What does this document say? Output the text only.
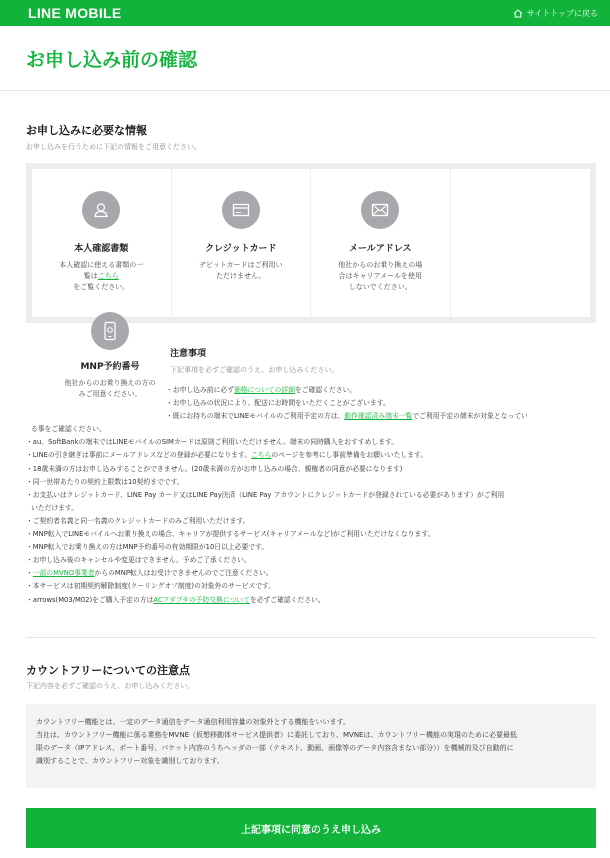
LINE MOBILE	サイトトップに戻る
お申し込み前の確認
お申し込みに必要な情報
お申し込みを行うために下記の情報をご用意ください。
本人確認書類
本人確認に使える書類の一覧はこちら
をご覧ください。
クレジットカード
デビットカードはご利用いただけません。
メールアドレス
他社からのお乗り換えの場合はキャリアメールを使用しないでください。
MNP予約番号
他社からのお乗り換えの方のみご用意ください。
注意事項
下記事項を必ずご確認のうえ、お申し込みください。
・お申し込み前に必ず価格についての詳細をご確認ください。
・お申し込みの状況により、配送にお時間をいただくことがございます。
・既にお持ちの端末でLINEモバイルのご利用予定の方は、動作確認済み端末一覧でご利用予定の端末が対象となってい
る事をご確認ください。
・au、SoftBankの端末ではLINEモバイルのSIMカードは原則ご利用いただけません。端末の同時購入をおすすめします。
・LINEの引き継ぎは事前にメールアドレスなどの登録が必要になります。こちらのページを参考にし事前準備をお願いいたします。
・18歳未満の方はお申し込みすることができません。(20歳未満の方がお申し込みの場合、親権者の同意が必要になります)
・同一世帯あたりの契約上限数は10契約までです。
・お支払いはクレジットカード、LINE Pay カード又はLINE Pay決済（LINE Pay アカウントにクレジットカードが登録されている必要があります）がご利用
いただけます。
・ご契約者名義と同一名義のクレジットカードのみご利用いただけます。
・MNP転入でLINEモバイルへお乗り換えの場合、キャリアが提供するサービス(キャリアメールなど)がご利用いただけなくなります。
・MNP転入でお乗り換えの方はMNP予約番号の有効期限が10日以上必要です。
・お申し込み後のキャンセルや変更はできません。予めご了承ください。
・一部のMVNO事業者からのMNP転入はお受けできませんのでご注意ください。
・本サービスは初期契約解除制度(クーリングオフ制度)の対象外のサービスです。
・arrows(M03/M02)をご購入予定の方はACアダプタの予防交換についてを必ずご確認ください。
カウントフリーについての注意点
下記内容を必ずご確認のうえ、お申し込みください。
カウントフリー機能とは、一定のデータ通信をデータ通信利用容量の対象外とする機能をいいます。
当社は、カウントフリー機能に係る業務をMVNE（仮想移動体サービス提供者）に委託しており、MVNEは、カウントフリー機能の実現のために必要最低
限のデータ（IPアドレス、ポート番号、パケット内容のうちヘッダの一部（テキスト、動画、画像等のデータ内容含まない部分））を機械的及び自動的に
識別することで、カウントフリー対象を識別しております。
上記事項に同意のうえ申し込み
